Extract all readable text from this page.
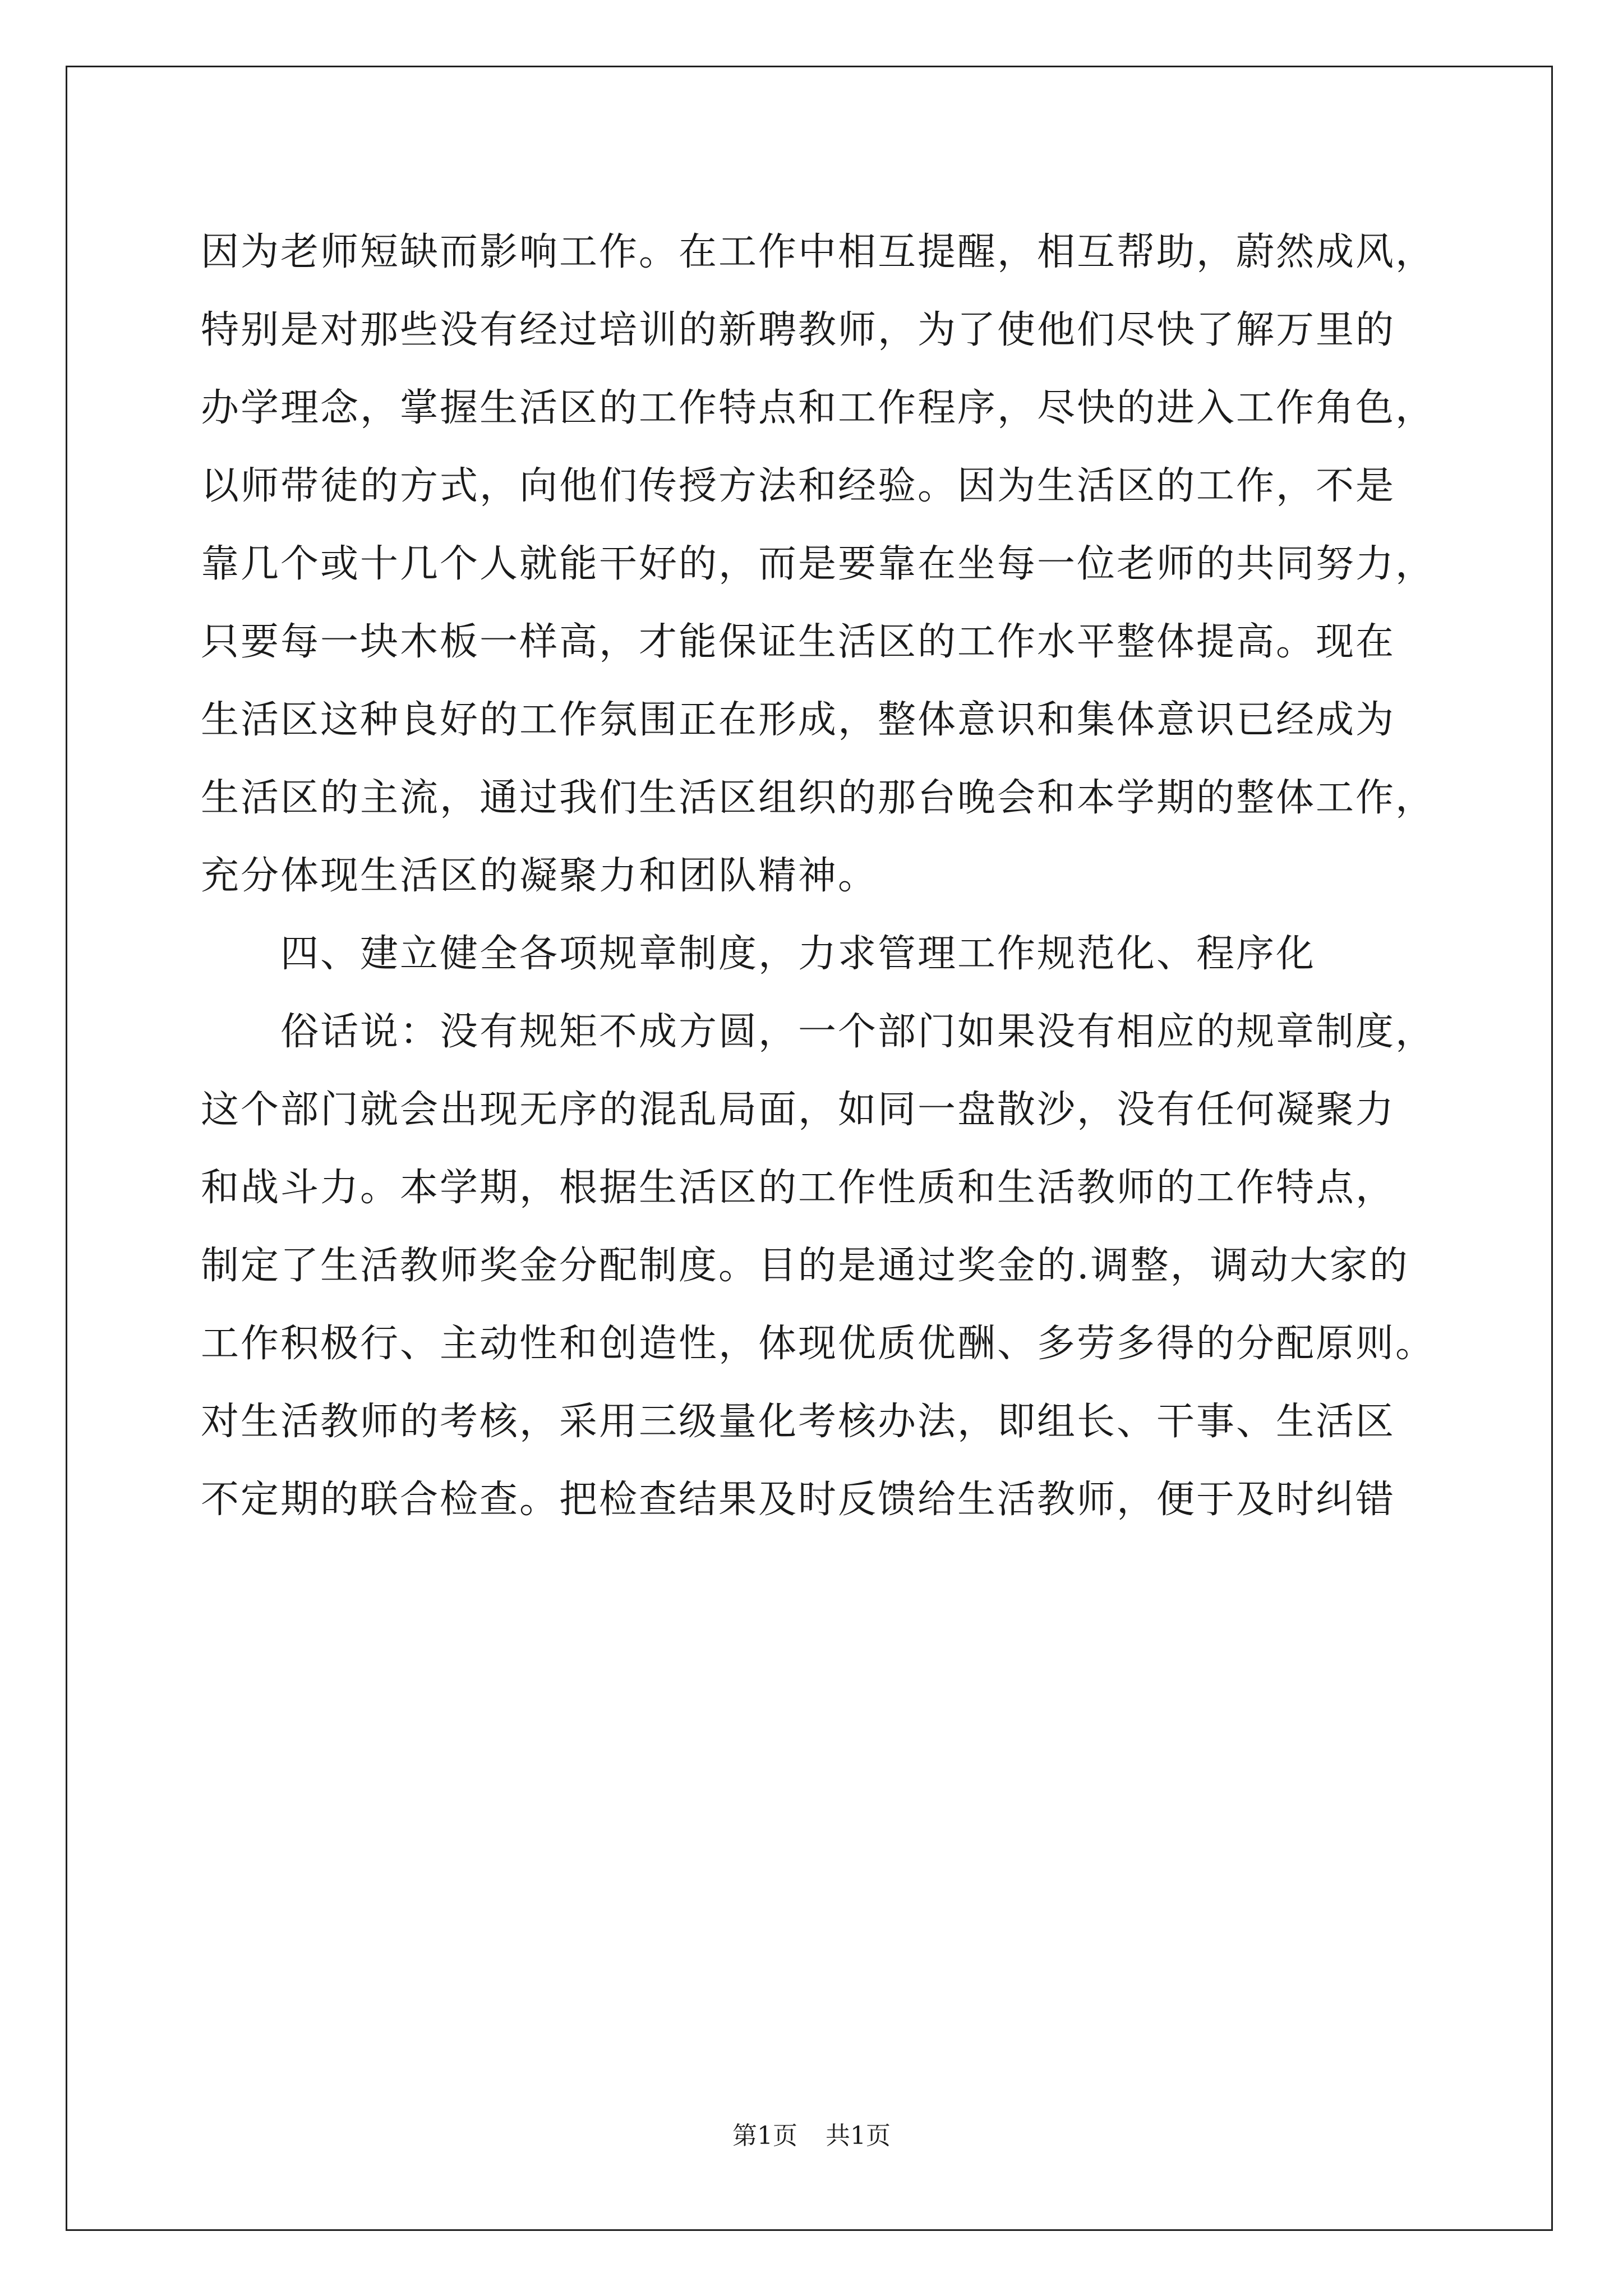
因为老师短缺而影响工作。在工作中相互提醒，相互帮助，蔚然成风，

特别是对那些没有经过培训的新聘教师，为了使他们尽快了解万里的

办学理念，掌握生活区的工作特点和工作程序，尽快的进入工作角色，

以师带徒的方式，向他们传授方法和经验。因为生活区的工作，不是

靠几个或十几个人就能干好的，而是要靠在坐每一位老师的共同努力，

只要每一块木板一样高，才能保证生活区的工作水平整体提高。现在

生活区这种良好的工作氛围正在形成，整体意识和集体意识已经成为

生活区的主流，通过我们生活区组织的那台晚会和本学期的整体工作，

充分体现生活区的凝聚力和团队精神。

四、建立健全各项规章制度，力求管理工作规范化、程序化

俗话说：没有规矩不成方圆，一个部门如果没有相应的规章制度，

这个部门就会出现无序的混乱局面，如同一盘散沙，没有任何凝聚力

和战斗力。本学期，根据生活区的工作性质和生活教师的工作特点，

制定了生活教师奖金分配制度。目的是通过奖金的.调整，调动大家的

工作积极行、主动性和创造性，体现优质优酬、多劳多得的分配原则。

对生活教师的考核，采用三级量化考核办法，即组长、干事、生活区

不定期的联合检查。把检查结果及时反馈给生活教师，便于及时纠错

第1页 共1页
